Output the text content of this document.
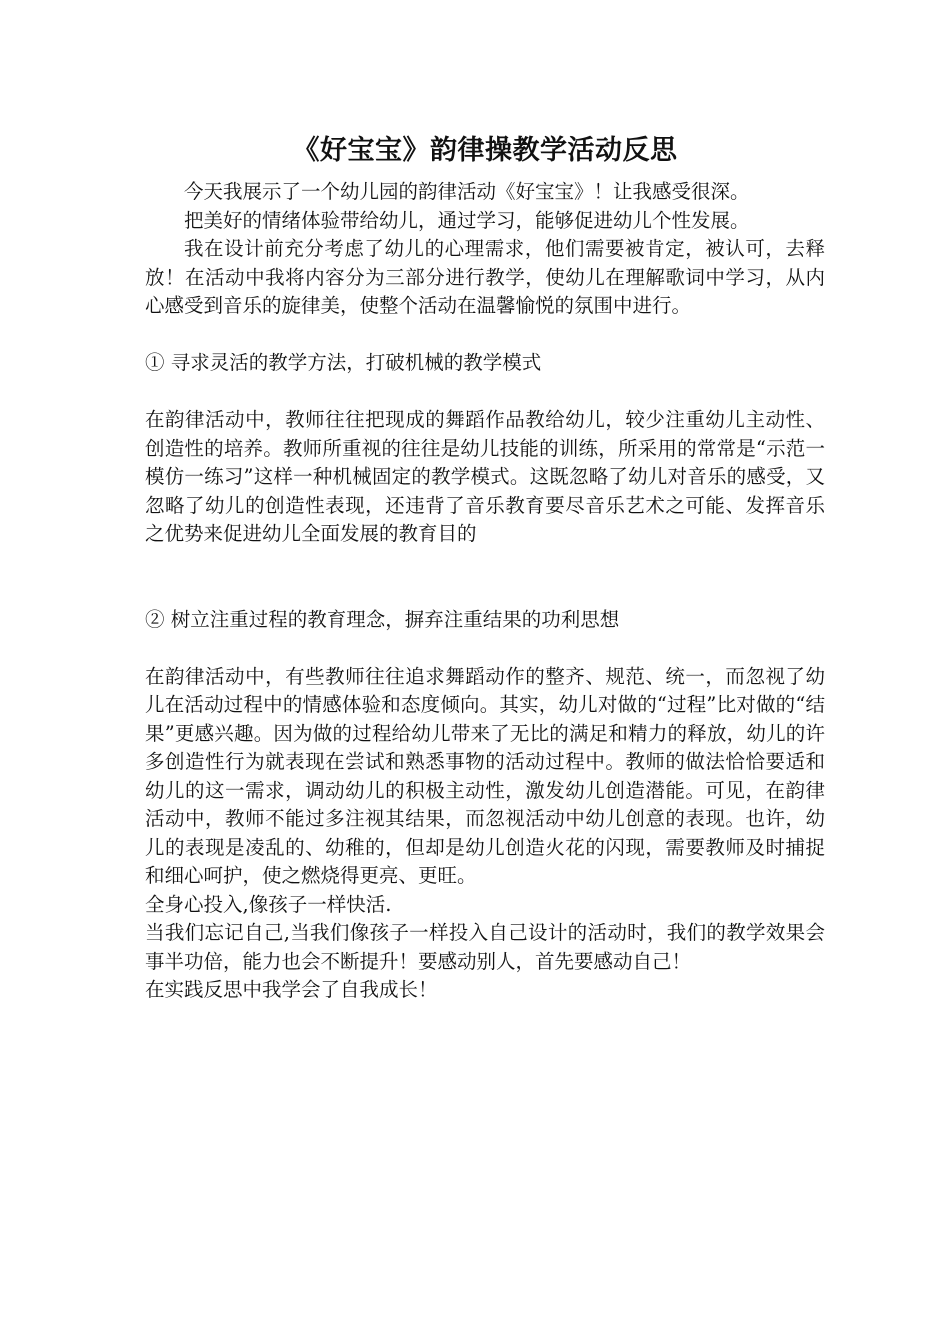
《好宝宝》韵律操教学活动反思

今天我展示了一个幼儿园的韵律活动《好宝宝》！让我感受很深。

把美好的情绪体验带给幼儿，通过学习，能够促进幼儿个性发展。

我在设计前充分考虑了幼儿的心理需求，他们需要被肯定，被认可，去释放！在活动中我将内容分为三部分进行教学，使幼儿在理解歌词中学习，从内心感受到音乐的旋律美，使整个活动在温馨愉悦的氛围中进行。

① 寻求灵活的教学方法，打破机械的教学模式

在韵律活动中，教师往往把现成的舞蹈作品教给幼儿，较少注重幼儿主动性、创造性的培养。教师所重视的往往是幼儿技能的训练，所采用的常常是“示范一模仿一练习”这样一种机械固定的教学模式。这既忽略了幼儿对音乐的感受，又忽略了幼儿的创造性表现，还违背了音乐教育要尽音乐艺术之可能、发挥音乐之优势来促进幼儿全面发展的教育目的

② 树立注重过程的教育理念，摒弃注重结果的功利思想

在韵律活动中，有些教师往往追求舞蹈动作的整齐、规范、统一，而忽视了幼儿在活动过程中的情感体验和态度倾向。其实，幼儿对做的“过程”比对做的“结果”更感兴趣。因为做的过程给幼儿带来了无比的满足和精力的释放，幼儿的许多创造性行为就表现在尝试和熟悉事物的活动过程中。教师的做法恰恰要适和幼儿的这一需求，调动幼儿的积极主动性，激发幼儿创造潜能。可见，在韵律活动中，教师不能过多注视其结果，而忽视活动中幼儿创意的表现。也许，幼儿的表现是凌乱的、幼稚的，但却是幼儿创造火花的闪现，需要教师及时捕捉和细心呵护，使之燃烧得更亮、更旺。

全身心投入,像孩子一样快活.

当我们忘记自己,当我们像孩子一样投入自己设计的活动时，我们的教学效果会事半功倍，能力也会不断提升！要感动别人，首先要感动自己！

在实践反思中我学会了自我成长！
